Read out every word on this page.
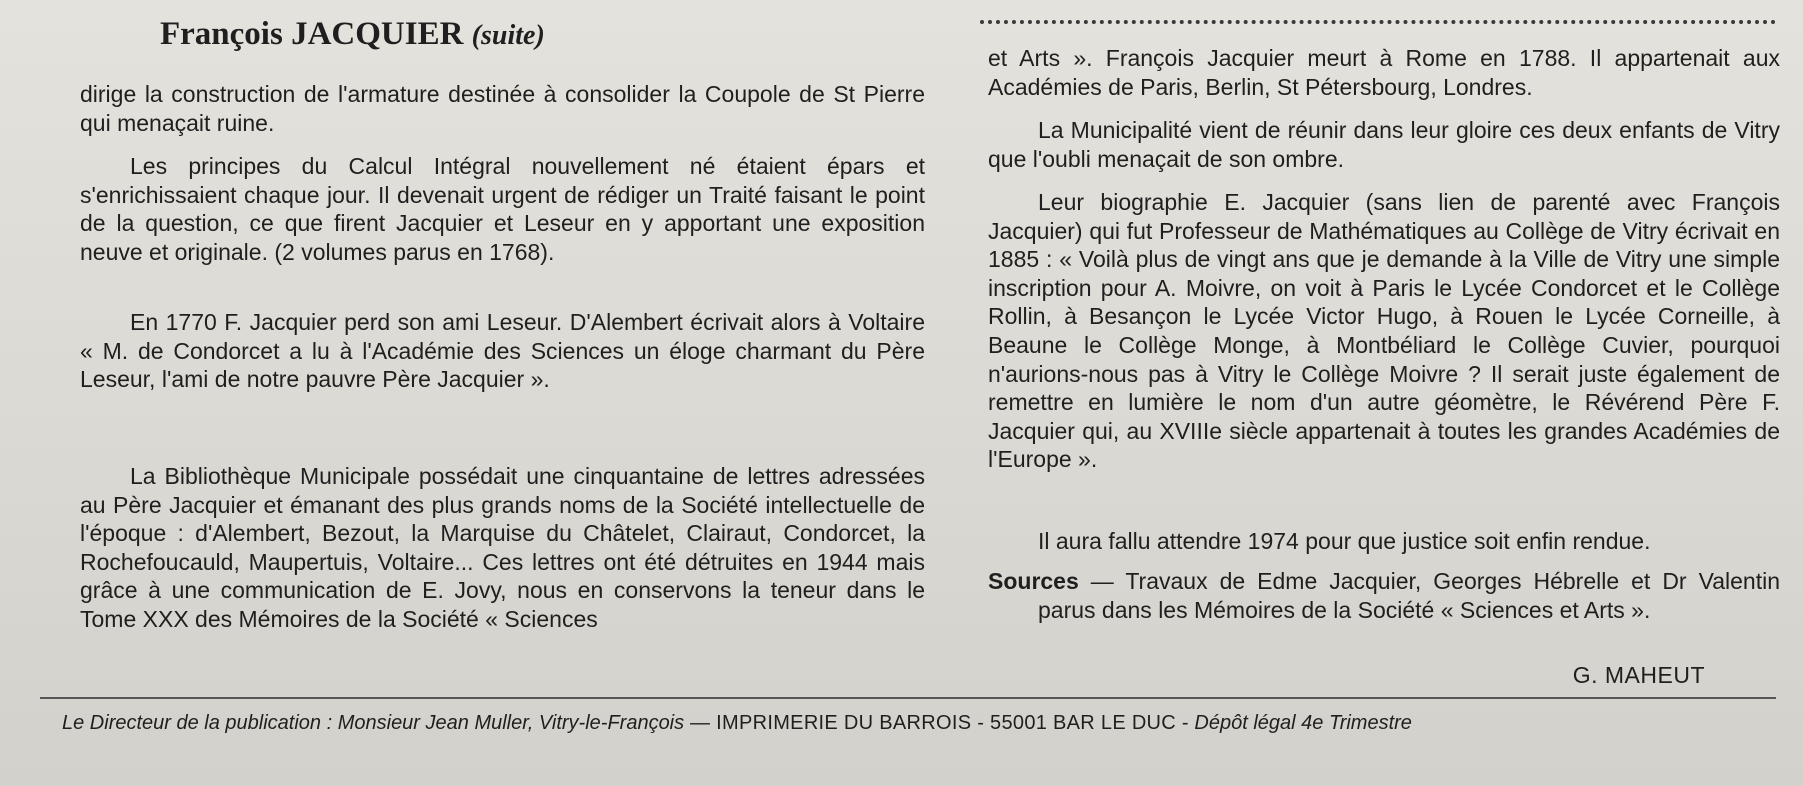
François JACQUIER (suite)

dirige la construction de l'armature destinée à consolider la Coupole de St Pierre qui menaçait ruine.

Les principes du Calcul Intégral nouvellement né étaient épars et s'enrichissaient chaque jour. Il devenait urgent de rédiger un Traité faisant le point de la question, ce que firent Jacquier et Leseur en y apportant une exposition neuve et originale. (2 volumes parus en 1768).

En 1770 F. Jacquier perd son ami Leseur. D'Alembert écrivait alors à Voltaire « M. de Condorcet a lu à l'Académie des Sciences un éloge charmant du Père Leseur, l'ami de notre pauvre Père Jacquier ».

La Bibliothèque Municipale possédait une cinquantaine de lettres adressées au Père Jacquier et émanant des plus grands noms de la Société intellectuelle de l'époque : d'Alembert, Bezout, la Marquise du Châtelet, Clairaut, Condorcet, la Rochefoucauld, Maupertuis, Voltaire... Ces lettres ont été détruites en 1944 mais grâce à une communication de E. Jovy, nous en conservons la teneur dans le Tome XXX des Mémoires de la Société « Sciences

et Arts ». François Jacquier meurt à Rome en 1788. Il appartenait aux Académies de Paris, Berlin, St Pétersbourg, Londres.

La Municipalité vient de réunir dans leur gloire ces deux enfants de Vitry que l'oubli menaçait de son ombre.

Leur biographie E. Jacquier (sans lien de parenté avec François Jacquier) qui fut Professeur de Mathématiques au Collège de Vitry écrivait en 1885 : « Voilà plus de vingt ans que je demande à la Ville de Vitry une simple inscription pour A. Moivre, on voit à Paris le Lycée Condorcet et le Collège Rollin, à Besançon le Lycée Victor Hugo, à Rouen le Lycée Corneille, à Beaune le Collège Monge, à Montbéliard le Collège Cuvier, pourquoi n'aurions-nous pas à Vitry le Collège Moivre ? Il serait juste également de remettre en lumière le nom d'un autre géomètre, le Révérend Père F. Jacquier qui, au XVIIIe siècle appartenait à toutes les grandes Académies de l'Europe ».

Il aura fallu attendre 1974 pour que justice soit enfin rendue.

Sources — Travaux de Edme Jacquier, Georges Hébrelle et Dr Valentin parus dans les Mémoires de la Société « Sciences et Arts ».

G. MAHEUT

Le Directeur de la publication : Monsieur Jean Muller, Vitry-le-François — IMPRIMERIE DU BARROIS - 55001 BAR LE DUC - Dépôt légal 4e Trimestre
